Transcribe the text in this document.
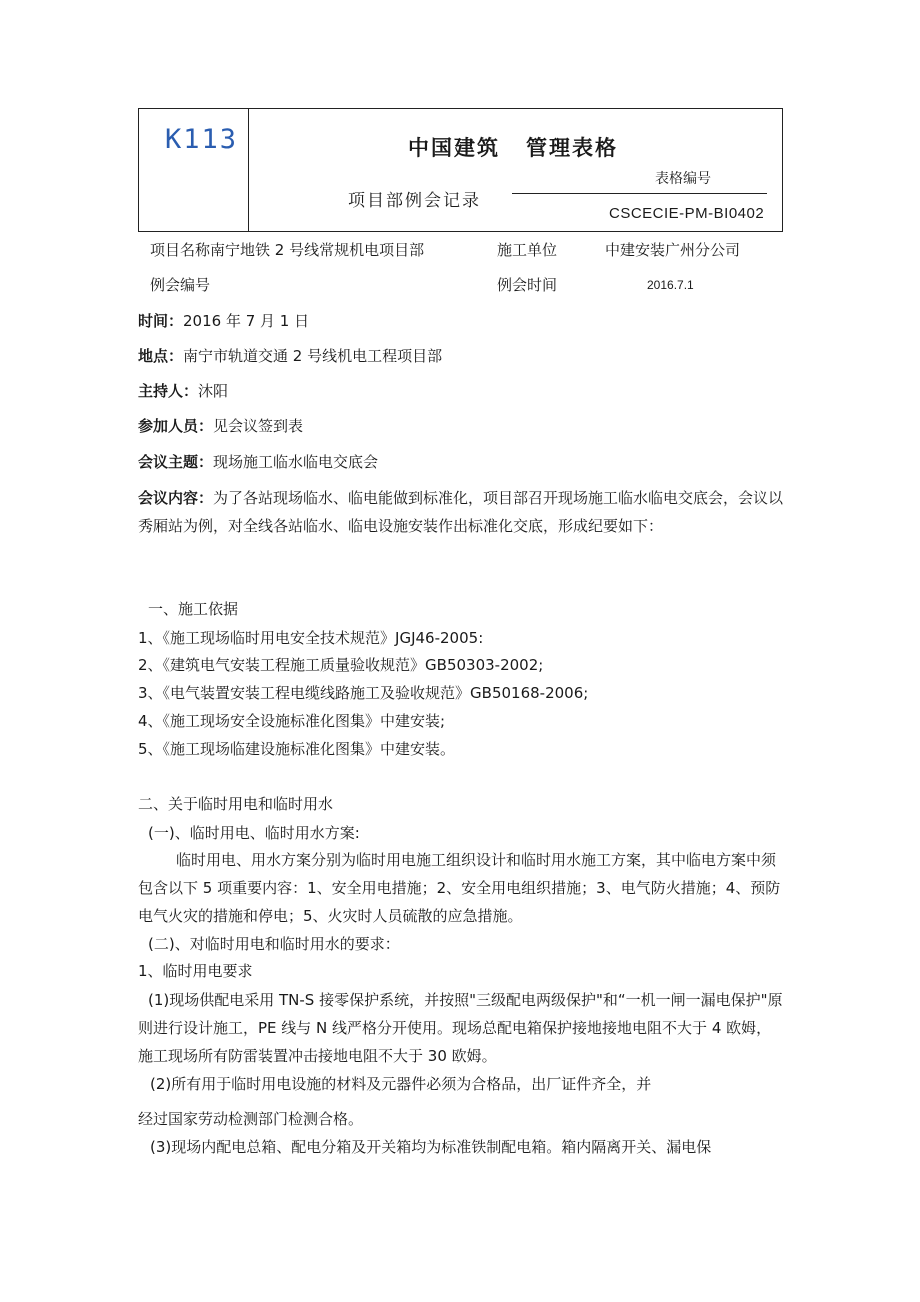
K113	中国建筑 管理表格
项目部例会记录
表格编号
CSCECIE-PM-BI0402
项目名称南宁地铁 2 号线常规机电项目部	施工单位	中建安装广州分公司
例会编号	例会时间	2016.7.1
时间：2016 年 7 月 1 日
地点：南宁市轨道交通 2 号线机电工程项目部
主持人：沐阳
参加人员：见会议签到表
会议主题：现场施工临水临电交底会
会议内容：为了各站现场临水、临电能做到标准化，项目部召开现场施工临水临电交底会，会议以秀厢站为例，对全线各站临水、临电设施安装作出标准化交底，形成纪要如下：
一、施工依据
1、《施工现场临时用电安全技术规范》JGJ46-2005:
2、《建筑电气安装工程施工质量验收规范》GB50303-2002;
3、《电气装置安装工程电缆线路施工及验收规范》GB50168-2006;
4、《施工现场安全设施标准化图集》中建安装;
5、《施工现场临建设施标准化图集》中建安装。
二、关于临时用电和临时用水
(一)、临时用电、临时用水方案:
临时用电、用水方案分别为临时用电施工组织设计和临时用水施工方案，其中临电方案中须包含以下 5 项重要内容：1、安全用电措施；2、安全用电组织措施；3、电气防火措施；4、预防电气火灾的措施和停电；5、火灾时人员硫散的应急措施。
(二)、对临时用电和临时用水的要求：
1、临时用电要求
(1)现场供配电采用 TN-S 接零保护系统，并按照"三级配电两级保护"和“一机一闸一漏电保护"原则进行设计施工，PE 线与 N 线严格分开使用。现场总配电箱保护接地接地电阻不大于 4 欧姆，施工现场所有防雷装置冲击接地电阻不大于 30 欧姆。
(2)所有用于临时用电设施的材料及元器件必须为合格品，出厂证件齐全，并
经过国家劳动检测部门检测合格。
(3)现场内配电总箱、配电分箱及开关箱均为标准铁制配电箱。箱内隔离开关、漏电保
